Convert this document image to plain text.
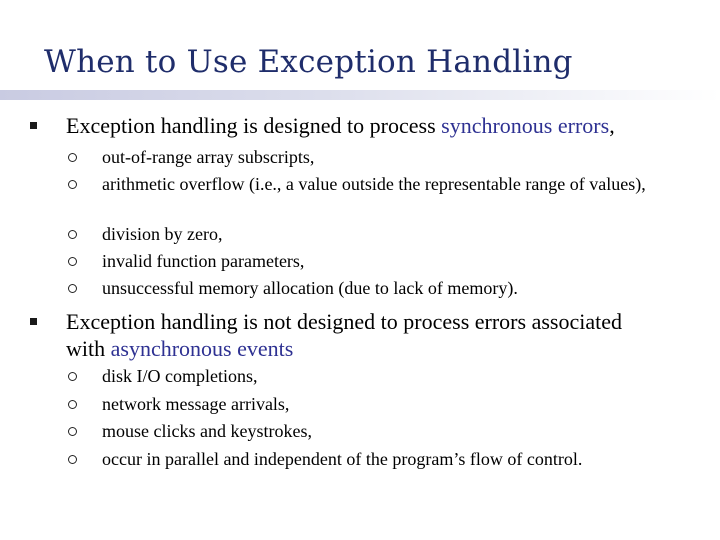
When to Use Exception Handling
Exception handling is designed to process synchronous errors,
out-of-range array subscripts,
arithmetic overflow (i.e., a value outside the representable range of values),
division by zero,
invalid function parameters,
unsuccessful memory allocation (due to lack of memory).
Exception handling is not designed to process errors associated with asynchronous events
disk I/O completions,
network message arrivals,
mouse clicks and keystrokes,
occur in parallel and independent of the program’s flow of control.
